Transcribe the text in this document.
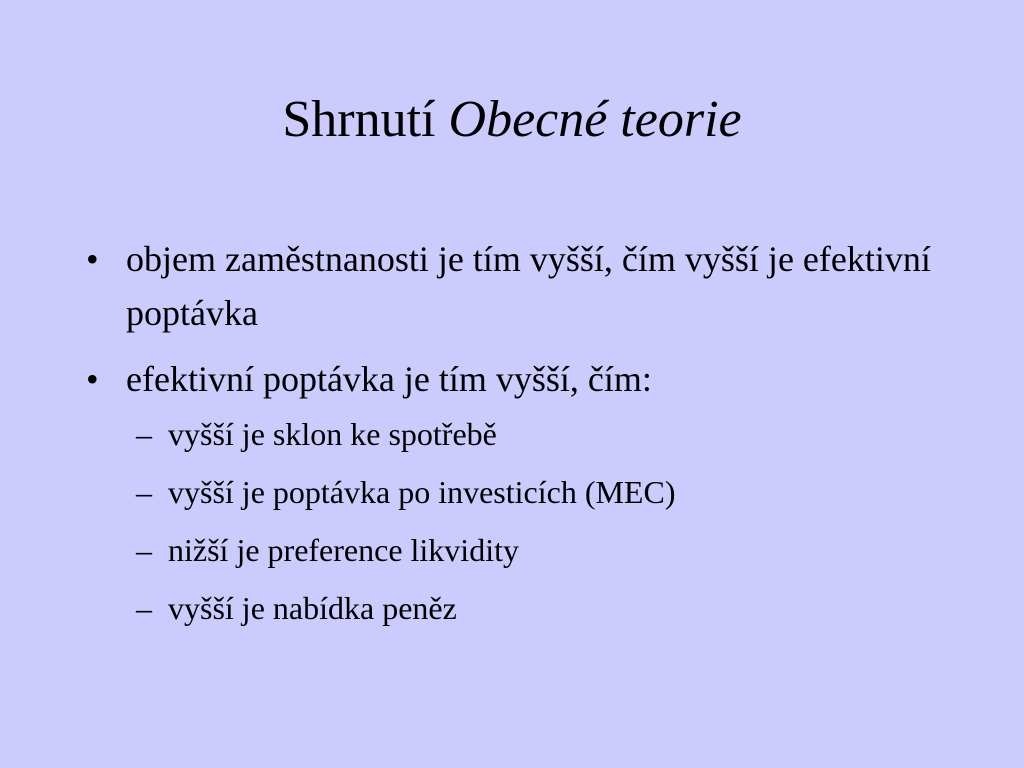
Shrnutí Obecné teorie
• objem zaměstnanosti je tím vyšší, čím vyšší je efektivní poptávka
• efektivní poptávka je tím vyšší, čím:
– vyšší je sklon ke spotřebě
– vyšší je poptávka po investicích (MEC)
– nižší je preference likvidity
– vyšší je nabídka peněz
